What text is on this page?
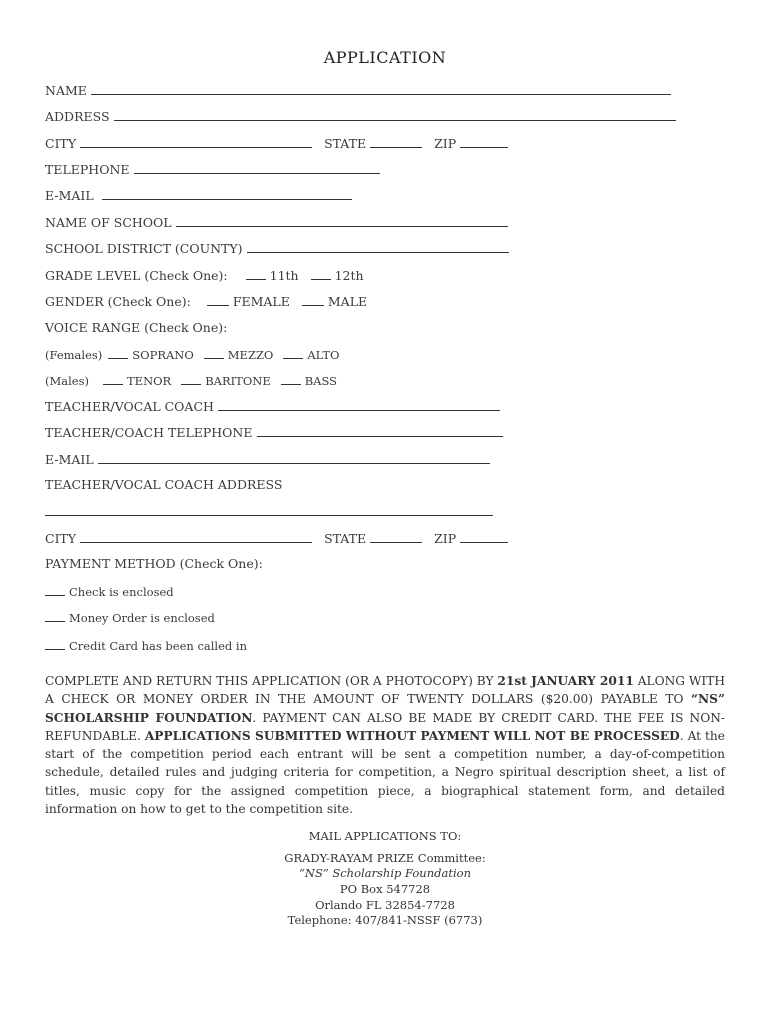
APPLICATION
NAME
ADDRESS
CITY	STATE	ZIP
TELEPHONE
E-MAIL
NAME OF SCHOOL
SCHOOL DISTRICT (COUNTY)
GRADE LEVEL (Check One):	11th	12th
GENDER (Check One):	FEMALE	MALE
VOICE RANGE (Check One):
(Females)	SOPRANO	MEZZO	ALTO
(Males)	TENOR	BARITONE	BASS
TEACHER/VOCAL COACH
TEACHER/COACH TELEPHONE
E-MAIL
TEACHER/VOCAL COACH ADDRESS
CITY	STATE	ZIP
PAYMENT METHOD (Check One):
Check is enclosed
Money Order is enclosed
Credit Card has been called in
COMPLETE AND RETURN THIS APPLICATION (OR A PHOTOCOPY) BY 21st JANUARY 2011 ALONG WITH A CHECK OR MONEY ORDER IN THE AMOUNT OF TWENTY DOLLARS ($20.00) PAYABLE TO “NS” SCHOLARSHIP FOUNDATION. PAYMENT CAN ALSO BE MADE BY CREDIT CARD. THE FEE IS NON-REFUNDABLE. APPLICATIONS SUBMITTED WITHOUT PAYMENT WILL NOT BE PROCESSED. At the start of the competition period each entrant will be sent a competition number, a day-of-competition schedule, detailed rules and judging criteria for competition, a Negro spiritual description sheet, a list of titles, music copy for the assigned competition piece, a biographical statement form, and detailed information on how to get to the competition site.
MAIL APPLICATIONS TO:
GRADY-RAYAM PRIZE Committee:
“NS” Scholarship Foundation
PO Box 547728
Orlando FL 32854-7728
Telephone: 407/841-NSSF (6773)
